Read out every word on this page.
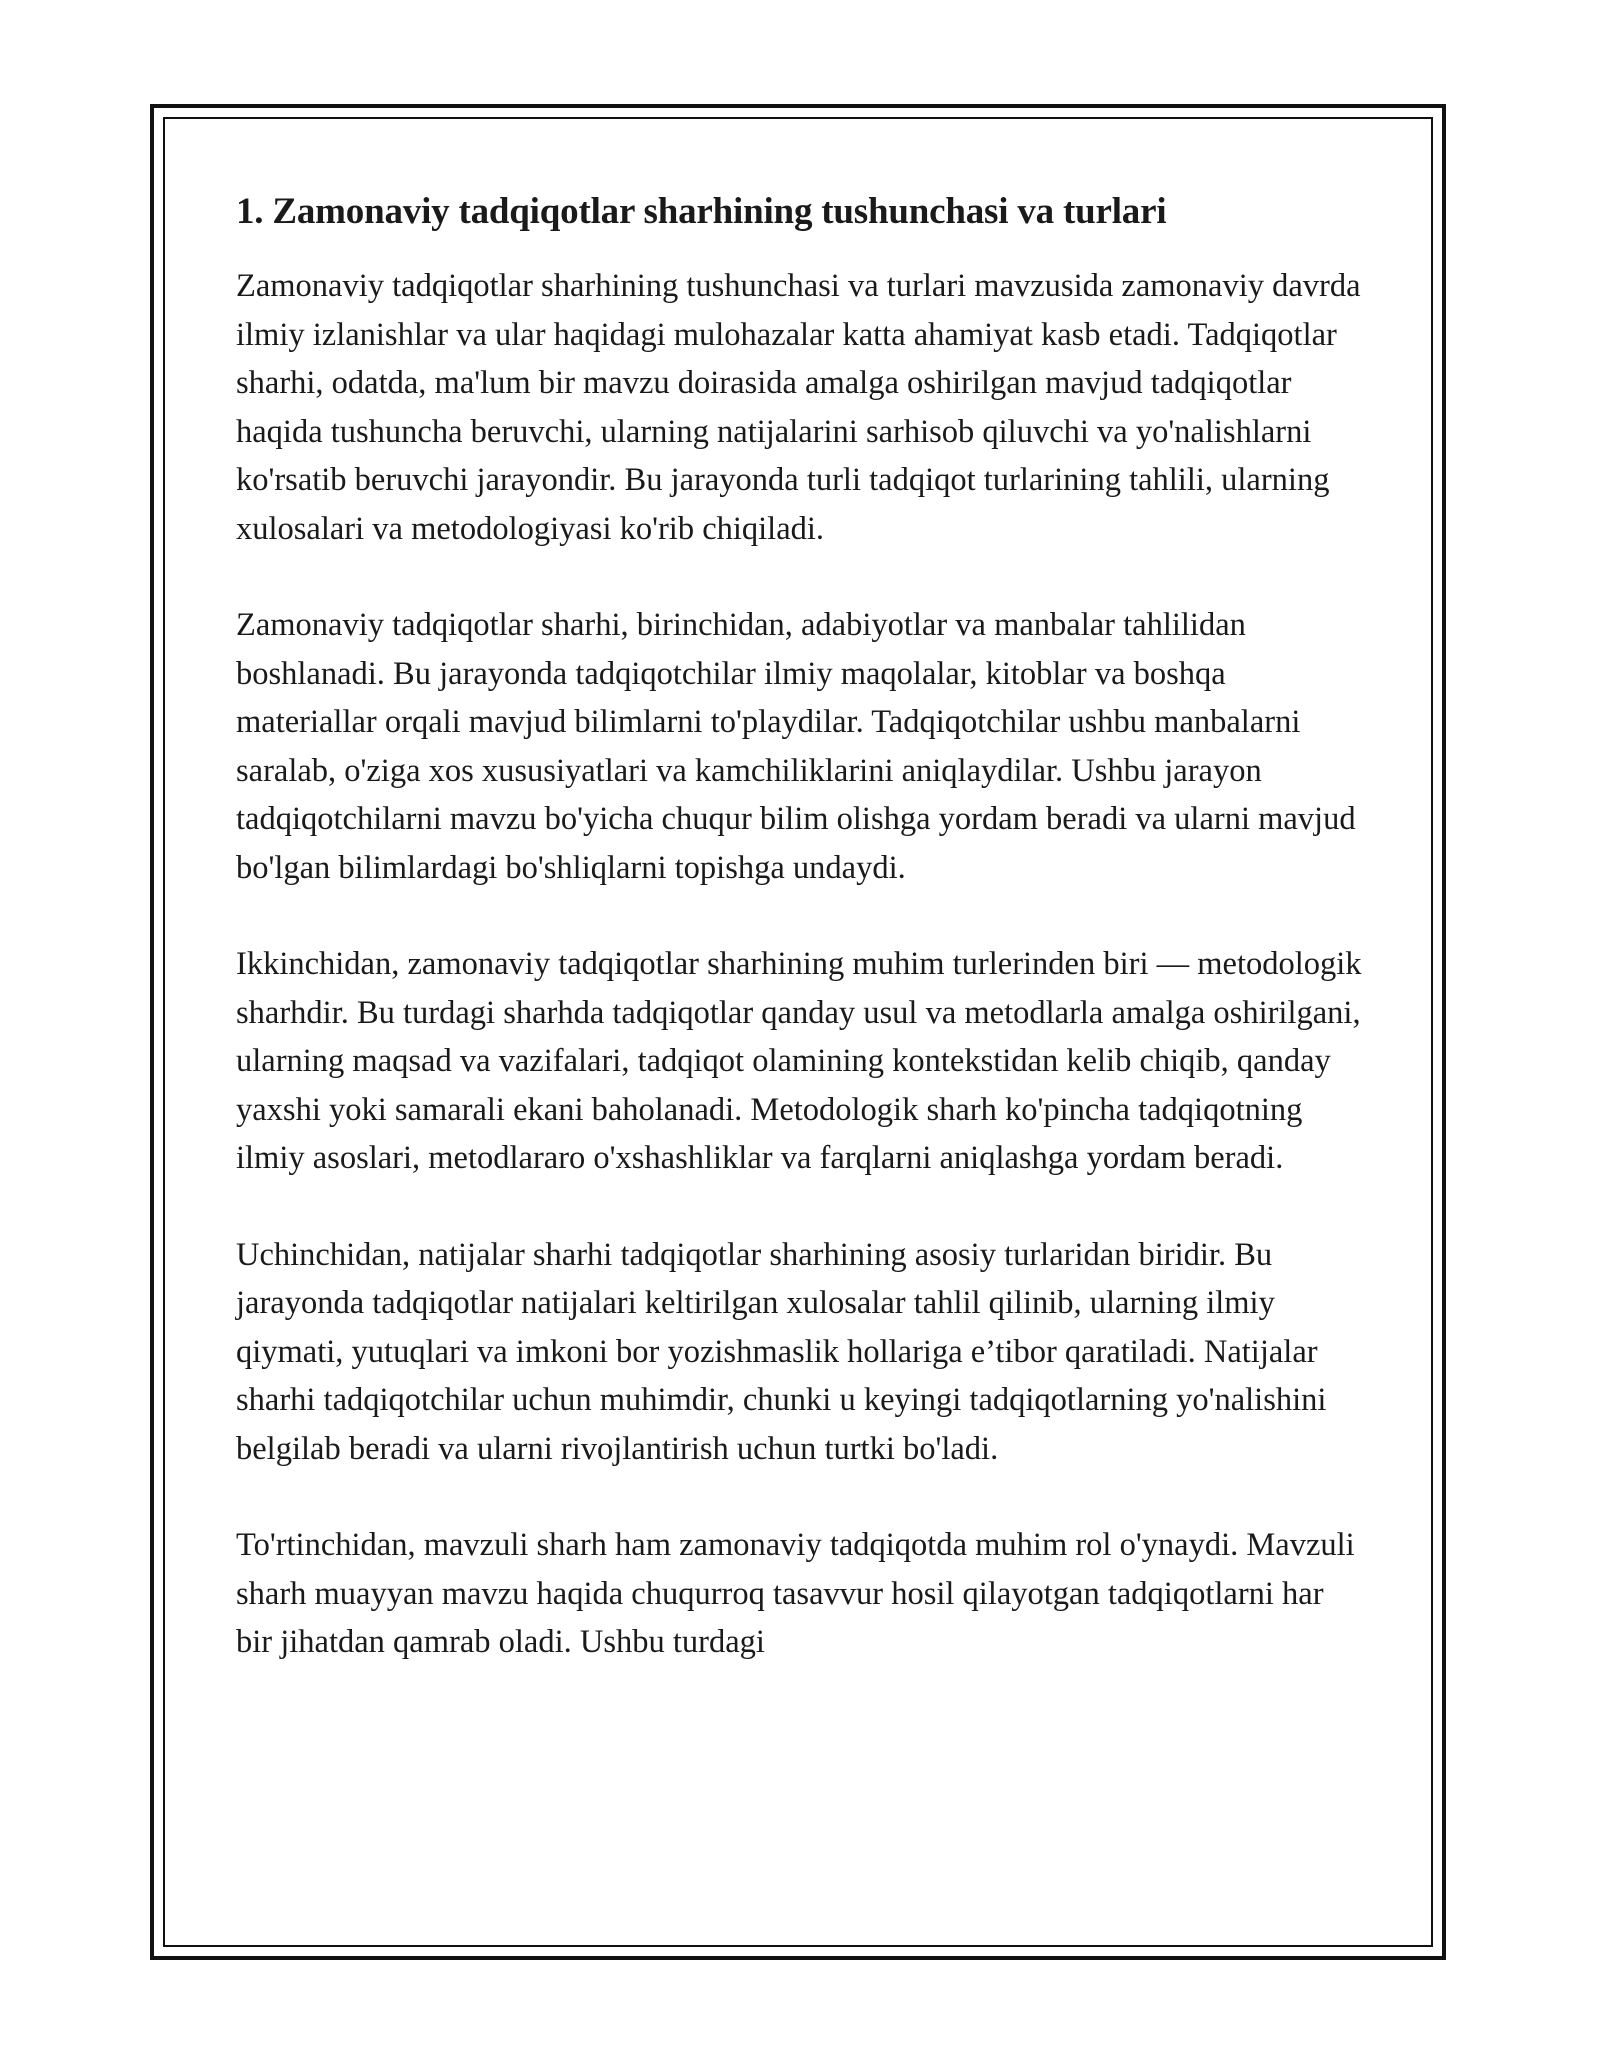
1. Zamonaviy tadqiqotlar sharhining tushunchasi va turlari

Zamonaviy tadqiqotlar sharhining tushunchasi va turlari mavzusida zamonaviy davrda ilmiy izlanishlar va ular haqidagi mulohazalar katta ahamiyat kasb etadi. Tadqiqotlar sharhi, odatda, ma'lum bir mavzu doirasida amalga oshirilgan mavjud tadqiqotlar haqida tushuncha beruvchi, ularning natijalarini sarhisob qiluvchi va yo'nalishlarni ko'rsatib beruvchi jarayondir. Bu jarayonda turli tadqiqot turlarining tahlili, ularning xulosalari va metodologiyasi ko'rib chiqiladi.

Zamonaviy tadqiqotlar sharhi, birinchidan, adabiyotlar va manbalar tahlilidan boshlanadi. Bu jarayonda tadqiqotchilar ilmiy maqolalar, kitoblar va boshqa materiallar orqali mavjud bilimlarni to'playdilar. Tadqiqotchilar ushbu manbalarni saralab, o'ziga xos xususiyatlari va kamchiliklarini aniqlaydilar. Ushbu jarayon tadqiqotchilarni mavzu bo'yicha chuqur bilim olishga yordam beradi va ularni mavjud bo'lgan bilimlardagi bo'shliqlarni topishga undaydi.

Ikkinchidan, zamonaviy tadqiqotlar sharhining muhim turlerinden biri — metodologik sharhdir. Bu turdagi sharhda tadqiqotlar qanday usul va metodlarla amalga oshirilgani, ularning maqsad va vazifalari, tadqiqot olamining kontekstidan kelib chiqib, qanday yaxshi yoki samarali ekani baholanadi. Metodologik sharh ko'pincha tadqiqotning ilmiy asoslari, metodlararo o'xshashliklar va farqlarni aniqlashga yordam beradi.

Uchinchidan, natijalar sharhi tadqiqotlar sharhining asosiy turlaridan biridir. Bu jarayonda tadqiqotlar natijalari keltirilgan xulosalar tahlil qilinib, ularning ilmiy qiymati, yutuqlari va imkoni bor yozishmaslik hollariga e’tibor qaratiladi. Natijalar sharhi tadqiqotchilar uchun muhimdir, chunki u keyingi tadqiqotlarning yo'nalishini belgilab beradi va ularni rivojlantirish uchun turtki bo'ladi.

To'rtinchidan, mavzuli sharh ham zamonaviy tadqiqotda muhim rol o'ynaydi. Mavzuli sharh muayyan mavzu haqida chuqurroq tasavvur hosil qilayotgan tadqiqotlarni har bir jihatdan qamrab oladi. Ushbu turdagi
